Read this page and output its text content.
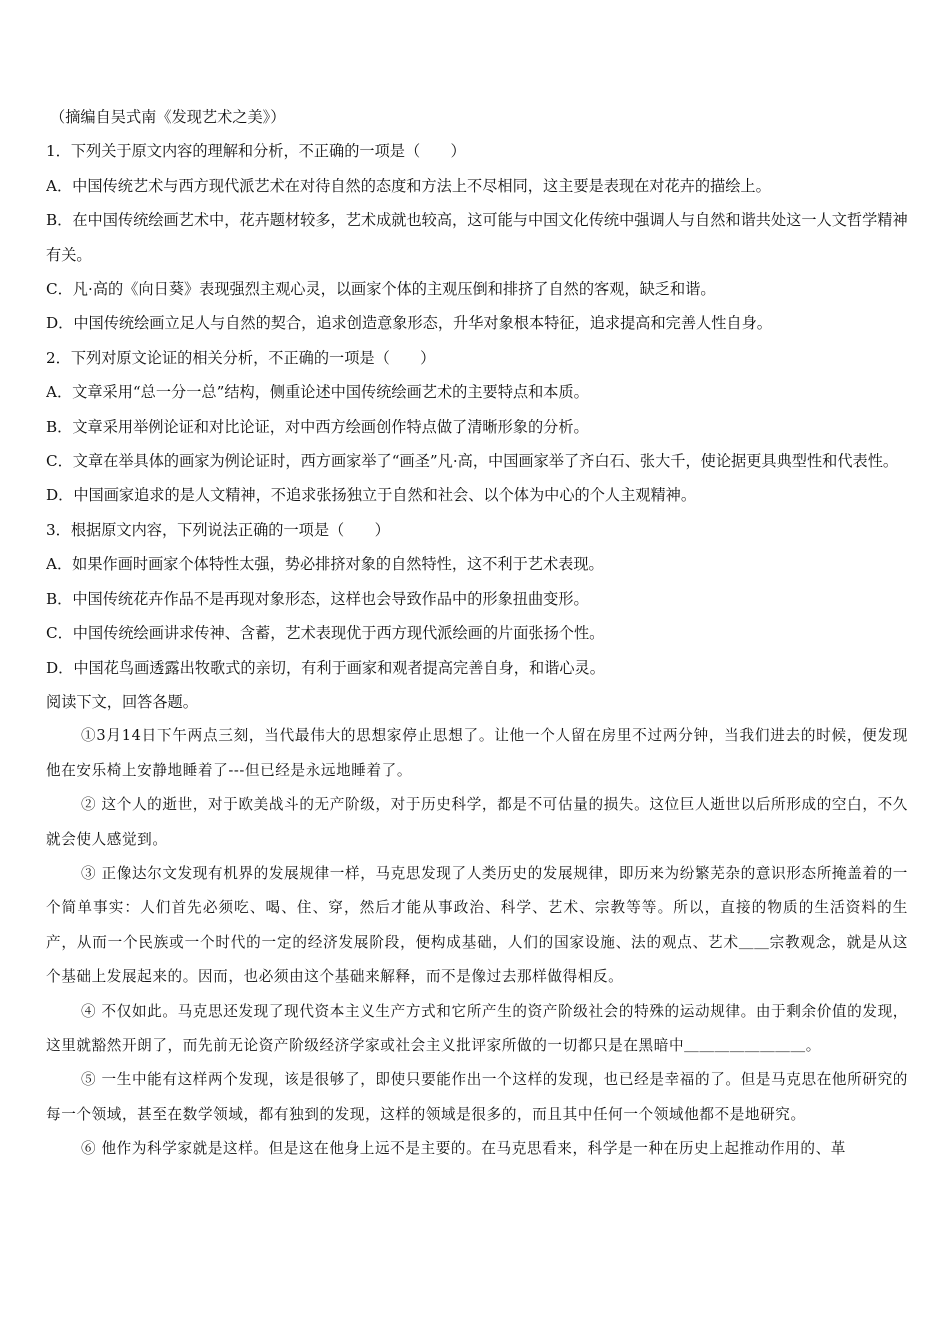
（摘编自吴式南《发现艺术之美》）
1．下列关于原文内容的理解和分析，不正确的一项是（　　）
A．中国传统艺术与西方现代派艺术在对待自然的态度和方法上不尽相同，这主要是表现在对花卉的描绘上。
B．在中国传统绘画艺术中，花卉题材较多，艺术成就也较高，这可能与中国文化传统中强调人与自然和谐共处这一人文哲学精神有关。
C．凡·高的《向日葵》表现强烈主观心灵，以画家个体的主观压倒和排挤了自然的客观，缺乏和谐。
D．中国传统绘画立足人与自然的契合，追求创造意象形态，升华对象根本特征，追求提高和完善人性自身。
2．下列对原文论证的相关分析，不正确的一项是（　　）
A．文章采用“总一分一总”结构，侧重论述中国传统绘画艺术的主要特点和本质。
B．文章采用举例论证和对比论证，对中西方绘画创作特点做了清晰形象的分析。
C．文章在举具体的画家为例论证时，西方画家举了“画圣”凡·高，中国画家举了齐白石、张大千，使论据更具典型性和代表性。
D．中国画家追求的是人文精神，不追求张扬独立于自然和社会、以个体为中心的个人主观精神。
3．根据原文内容，下列说法正确的一项是（　　）
A．如果作画时画家个体特性太强，势必排挤对象的自然特性，这不利于艺术表现。
B．中国传统花卉作品不是再现对象形态，这样也会导致作品中的形象扭曲变形。
C．中国传统绘画讲求传神、含蓄，艺术表现优于西方现代派绘画的片面张扬个性。
D．中国花鸟画透露出牧歌式的亲切，有利于画家和观者提高完善自身，和谐心灵。
阅读下文，回答各题。
①3月14日下午两点三刻，当代最伟大的思想家停止思想了。让他一个人留在房里不过两分钟，当我们进去的时候，便发现他在安乐椅上安静地睡着了---但已经是永远地睡着了。
② 这个人的逝世，对于欧美战斗的无产阶级，对于历史科学，都是不可估量的损失。这位巨人逝世以后所形成的空白，不久就会使人感觉到。
③ 正像达尔文发现有机界的发展规律一样，马克思发现了人类历史的发展规律，即历来为纷繁芜杂的意识形态所掩盖着的一个简单事实：人们首先必须吃、喝、住、穿，然后才能从事政治、科学、艺术、宗教等等。所以，直接的物质的生活资料的生产，从而一个民族或一个时代的一定的经济发展阶段，便构成基础，人们的国家设施、法的观点、艺术＿＿宗教观念，就是从这个基础上发展起来的。因而，也必须由这个基础来解释，而不是像过去那样做得相反。
④ 不仅如此。马克思还发现了现代资本主义生产方式和它所产生的资产阶级社会的特殊的运动规律。由于剩余价值的发现，这里就豁然开朗了，而先前无论资产阶级经济学家或社会主义批评家所做的一切都只是在黑暗中＿＿＿＿＿＿＿＿。
⑤ 一生中能有这样两个发现，该是很够了，即使只要能作出一个这样的发现，也已经是幸福的了。但是马克思在他所研究的每一个领域，甚至在数学领域，都有独到的发现，这样的领域是很多的，而且其中任何一个领域他都不是地研究。
⑥ 他作为科学家就是这样。但是这在他身上远不是主要的。在马克思看来，科学是一种在历史上起推动作用的、革
